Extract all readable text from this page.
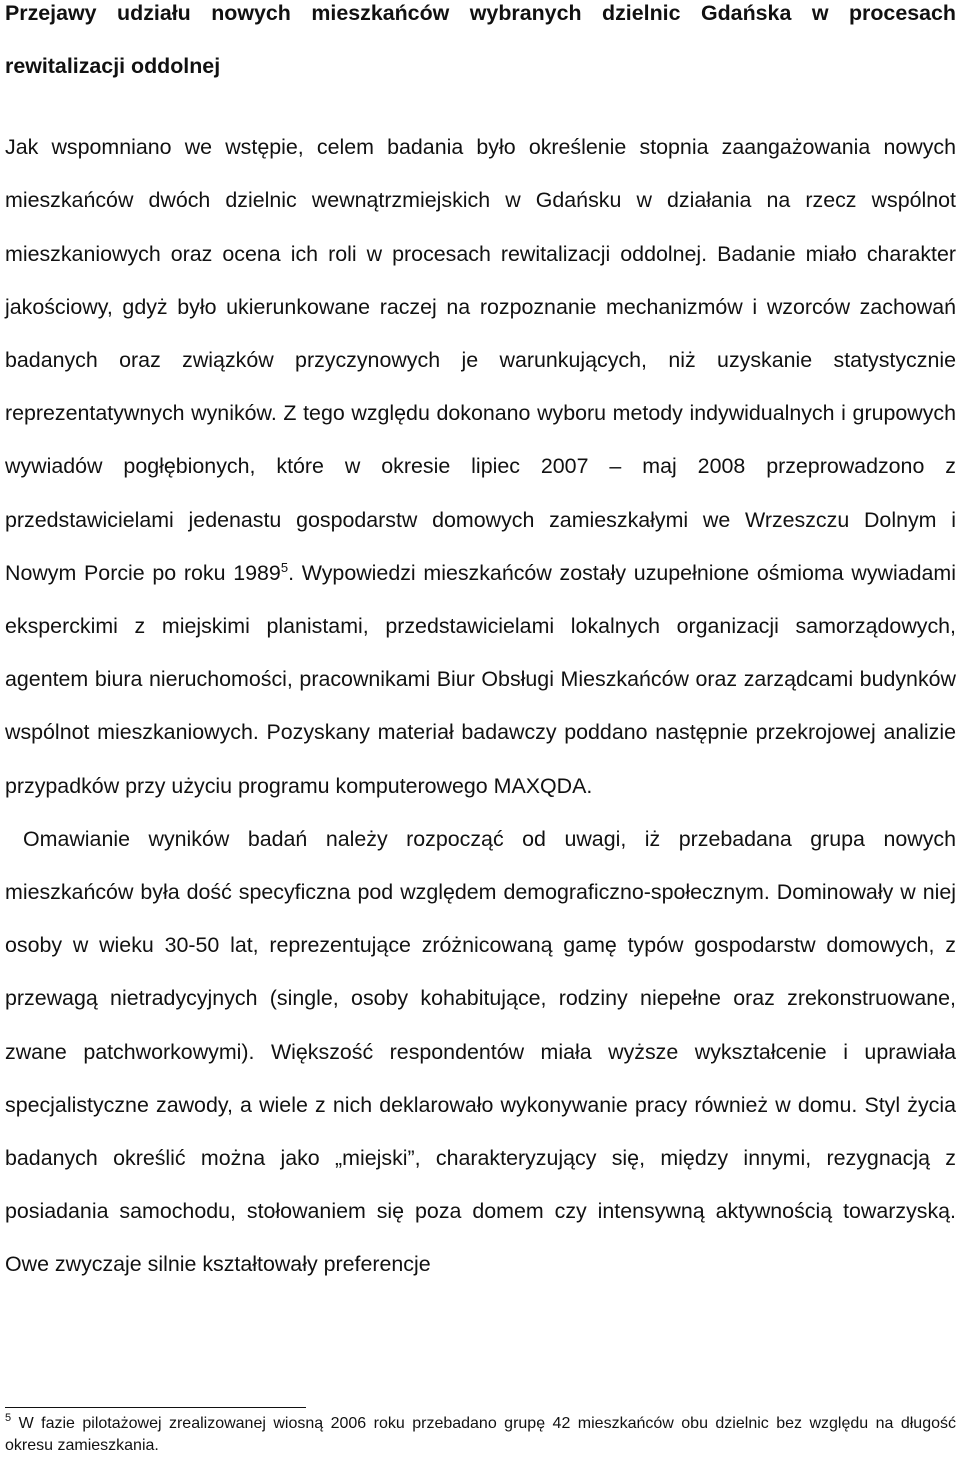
Przejawy udziału nowych mieszkańców wybranych dzielnic Gdańska w procesach rewitalizacji oddolnej

Jak wspomniano we wstępie, celem badania było określenie stopnia zaangażowania nowych mieszkańców dwóch dzielnic wewnątrzmiejskich w Gdańsku w działania na rzecz wspólnot mieszkaniowych oraz ocena ich roli w procesach rewitalizacji oddolnej. Badanie miało charakter jakościowy, gdyż było ukierunkowane raczej na rozpoznanie mechanizmów i wzorców zachowań badanych oraz związków przyczynowych je warunkujących, niż uzyskanie statystycznie reprezentatywnych wyników. Z tego względu dokonano wyboru metody indywidualnych i grupowych wywiadów pogłębionych, które w okresie lipiec 2007 – maj 2008 przeprowadzono z przedstawicielami jedenastu gospodarstw domowych zamieszkałymi we Wrzeszczu Dolnym i Nowym Porcie po roku 1989$^5$. Wypowiedzi mieszkańców zostały uzupełnione ośmioma wywiadami eksperckimi z miejskimi planistami, przedstawicielami lokalnych organizacji samorządowych, agentem biura nieruchomości, pracownikami Biur Obsługi Mieszkańców oraz zarządcami budynków wspólnot mieszkaniowych. Pozyskany materiał badawczy poddano następnie przekrojowej analizie przypadków przy użyciu programu komputerowego MAXQDA.

Omawianie wyników badań należy rozpocząć od uwagi, iż przebadana grupa nowych mieszkańców była dość specyficzna pod względem demograficzno-społecznym. Dominowały w niej osoby w wieku 30-50 lat, reprezentujące zróżnicowaną gamę typów gospodarstw domowych, z przewagą nietradycyjnych (single, osoby kohabitujące, rodziny niepełne oraz zrekonstruowane, zwane patchworkowymi). Większość respondentów miała wyższe wykształcenie i uprawiała specjalistyczne zawody, a wiele z nich deklarowało wykonywanie pracy również w domu. Styl życia badanych określić można jako „miejski”, charakteryzujący się, między innymi, rezygnacją z posiadania samochodu, stołowaniem się poza domem czy intensywną aktywnością towarzyską. Owe zwyczaje silnie kształtowały preferencje

$^5$ W fazie pilotażowej zrealizowanej wiosną 2006 roku przebadano grupę 42 mieszkańców obu dzielnic bez względu na długość okresu zamieszkania.
